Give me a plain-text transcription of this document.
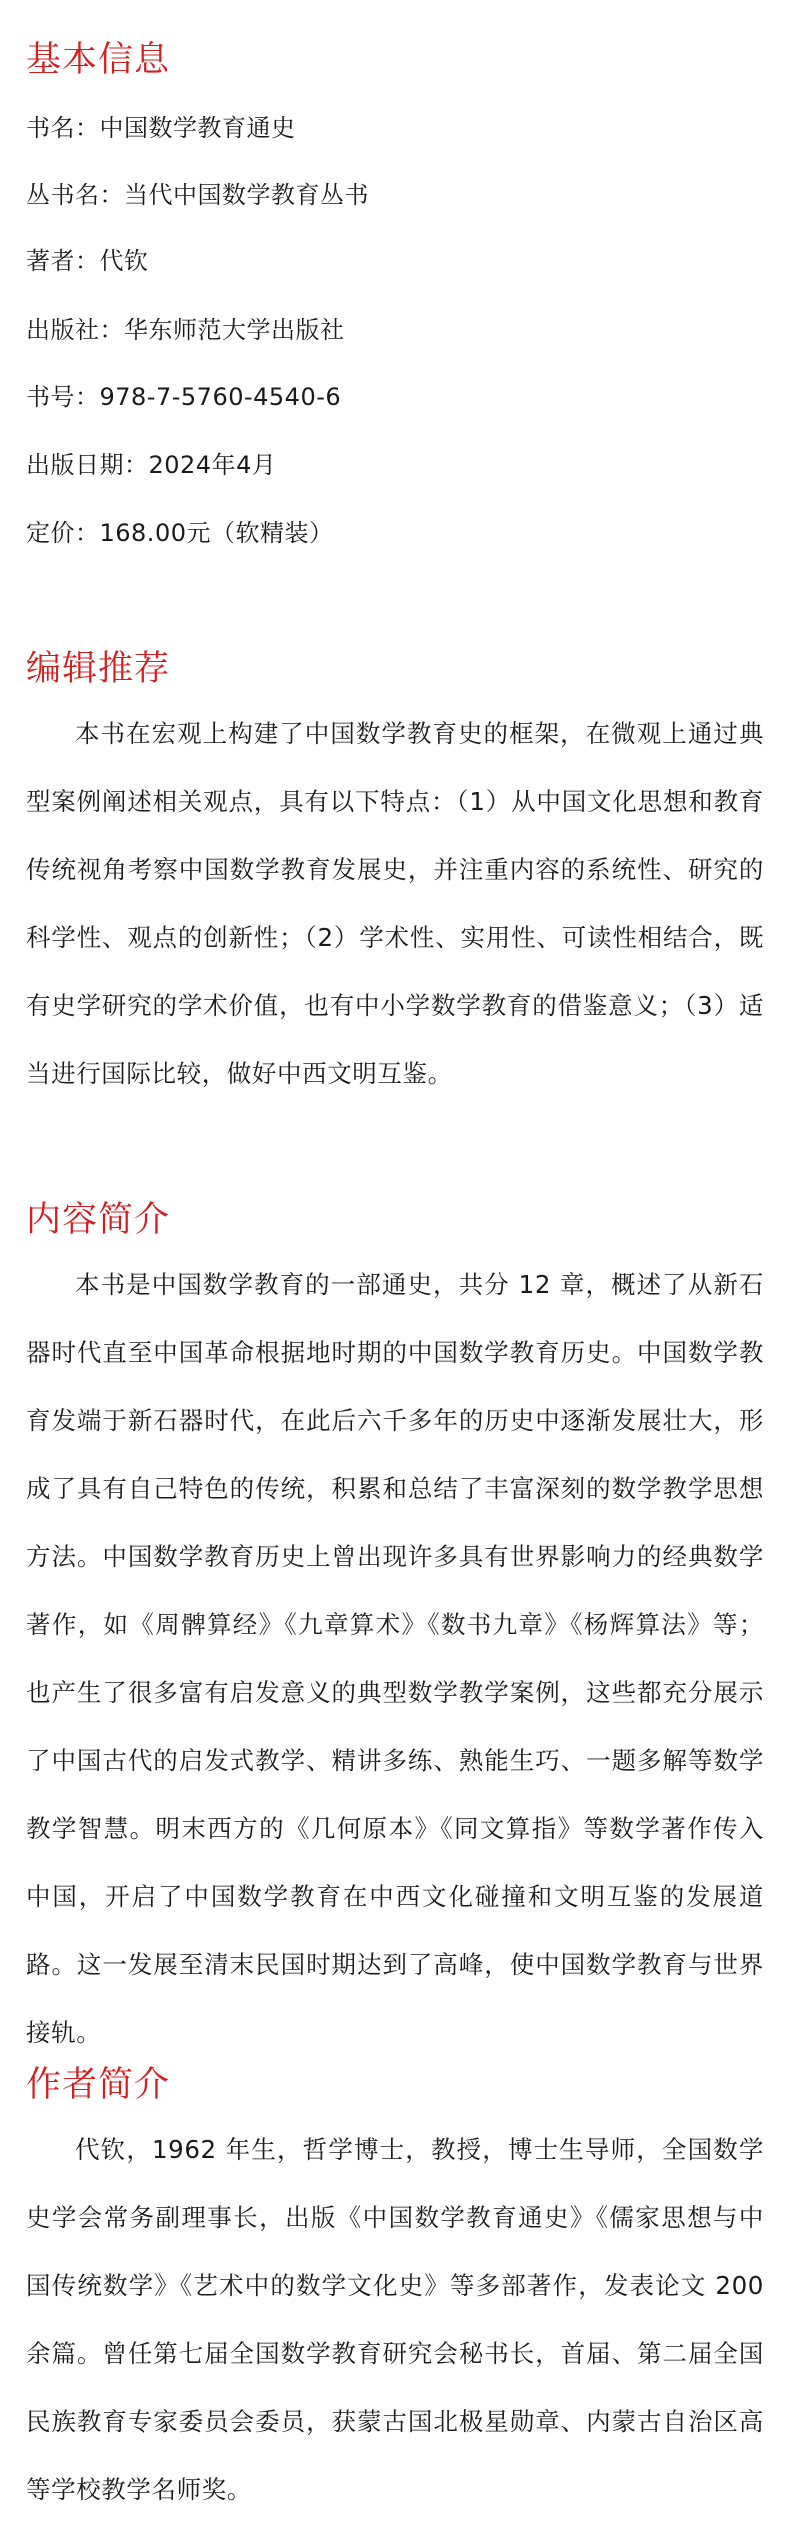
基本信息
书名：中国数学教育通史
丛书名：当代中国数学教育丛书
著者：代钦
出版社：华东师范大学出版社
书号：978-7-5760-4540-6
出版日期：2024年4月
定价：168.00元（软精装）
编辑推荐

本书在宏观上构建了中国数学教育史的框架，在微观上通过典型案例阐述相关观点，具有以下特点：（1）从中国文化思想和教育传统视角考察中国数学教育发展史，并注重内容的系统性、研究的科学性、观点的创新性；（2）学术性、实用性、可读性相结合，既有史学研究的学术价值，也有中小学数学教育的借鉴意义；（3）适当进行国际比较，做好中西文明互鉴。

内容简介

本书是中国数学教育的一部通史，共分 12 章，概述了从新石器时代直至中国革命根据地时期的中国数学教育历史。中国数学教育发端于新石器时代，在此后六千多年的历史中逐渐发展壮大，形成了具有自己特色的传统，积累和总结了丰富深刻的数学教学思想方法。中国数学教育历史上曾出现许多具有世界影响力的经典数学著作，如《周髀算经》《九章算术》《数书九章》《杨辉算法》等；也产生了很多富有启发意义的典型数学教学案例，这些都充分展示了中国古代的启发式教学、精讲多练、熟能生巧、一题多解等数学教学智慧。明末西方的《几何原本》《同文算指》等数学著作传入中国，开启了中国数学教育在中西文化碰撞和文明互鉴的发展道路。这一发展至清末民国时期达到了高峰，使中国数学教育与世界接轨。

作者简介

代钦，1962 年生，哲学博士，教授，博士生导师，全国数学史学会常务副理事长，出版《中国数学教育通史》《儒家思想与中国传统数学》《艺术中的数学文化史》等多部著作，发表论文 200 余篇。曾任第七届全国数学教育研究会秘书长，首届、第二届全国民族教育专家委员会委员，获蒙古国北极星勋章、内蒙古自治区高等学校教学名师奖。
